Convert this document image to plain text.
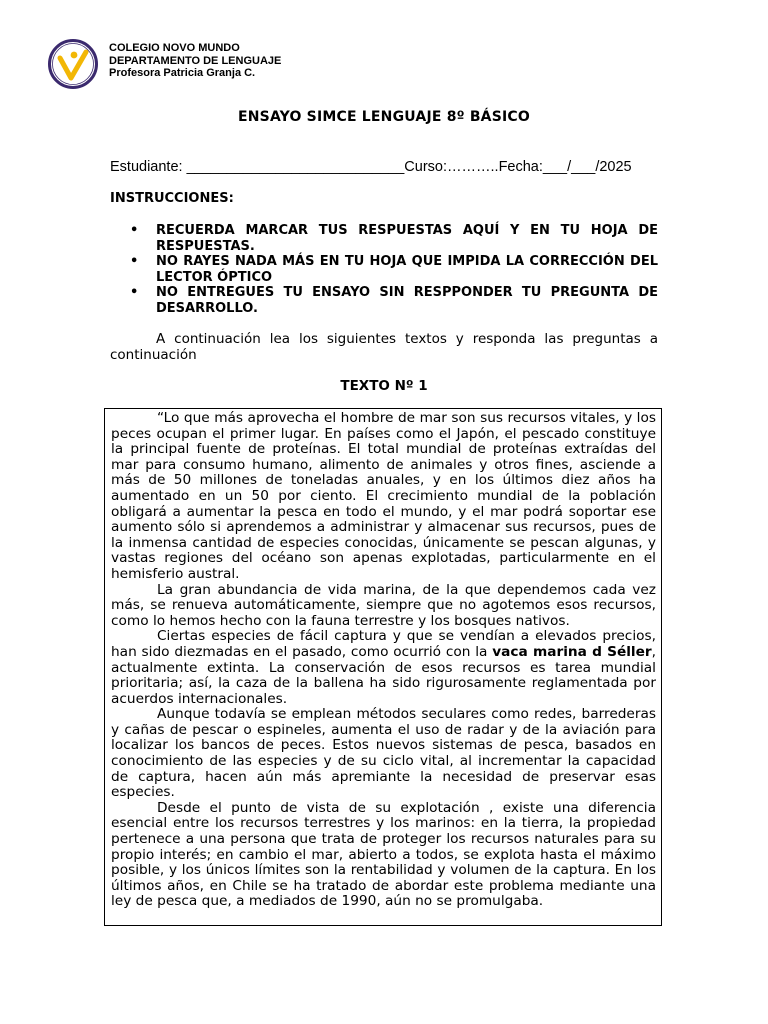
COLEGIO NOVO MUNDO
DEPARTAMENTO DE LENGUAJE
Profesora Patricia Granja C.
ENSAYO SIMCE LENGUAJE 8º BÁSICO
Estudiante: ___________________________Curso:………..Fecha:___/___/2025
INSTRUCCIONES:
• RECUERDA MARCAR TUS RESPUESTAS AQUÍ Y EN TU HOJA DE RESPUESTAS.
• NO RAYES NADA MÁS EN TU HOJA QUE IMPIDA LA CORRECCIÓN DEL LECTOR ÓPTICO
• NO ENTREGUES TU ENSAYO SIN RESPPONDER TU PREGUNTA DE DESARROLLO.
A continuación lea los siguientes textos y responda las preguntas a continuación
TEXTO Nº 1

“Lo que más aprovecha el hombre de mar son sus recursos vitales, y los peces ocupan el primer lugar. En países como el Japón, el pescado constituye la principal fuente de proteínas. El total mundial de proteínas extraídas del mar para consumo humano, alimento de animales y otros fines, asciende a más de 50 millones de toneladas anuales, y en los últimos diez años ha aumentado en un 50 por ciento. El crecimiento mundial de la población obligará a aumentar la pesca en todo el mundo, y el mar podrá soportar ese aumento sólo si aprendemos a administrar y almacenar sus recursos, pues de la inmensa cantidad de especies conocidas, únicamente se pescan algunas, y vastas regiones del océano son apenas explotadas, particularmente en el hemisferio austral.

La gran abundancia de vida marina, de la que dependemos cada vez más, se renueva automáticamente, siempre que no agotemos esos recursos, como lo hemos hecho con la fauna terrestre y los bosques nativos.

Ciertas especies de fácil captura y que se vendían a elevados precios, han sido diezmadas en el pasado, como ocurrió con la vaca marina d Séller, actualmente extinta. La conservación de esos recursos es tarea mundial prioritaria; así, la caza de la ballena ha sido rigurosamente reglamentada por acuerdos internacionales.

Aunque todavía se emplean métodos seculares como redes, barrederas y cañas de pescar o espineles, aumenta el uso de radar y de la aviación para localizar los bancos de peces. Estos nuevos sistemas de pesca, basados en conocimiento de las especies y de su ciclo vital, al incrementar la capacidad de captura, hacen aún más apremiante la necesidad de preservar esas especies.

Desde el punto de vista de su explotación , existe una diferencia esencial entre los recursos terrestres y los marinos: en la tierra, la propiedad pertenece a una persona que trata de proteger los recursos naturales para su propio interés; en cambio el mar, abierto a todos, se explota hasta el máximo posible, y los únicos límites son la rentabilidad y volumen de la captura. En los últimos años, en Chile se ha tratado de abordar este problema mediante una ley de pesca que, a mediados de 1990, aún no se promulgaba.
